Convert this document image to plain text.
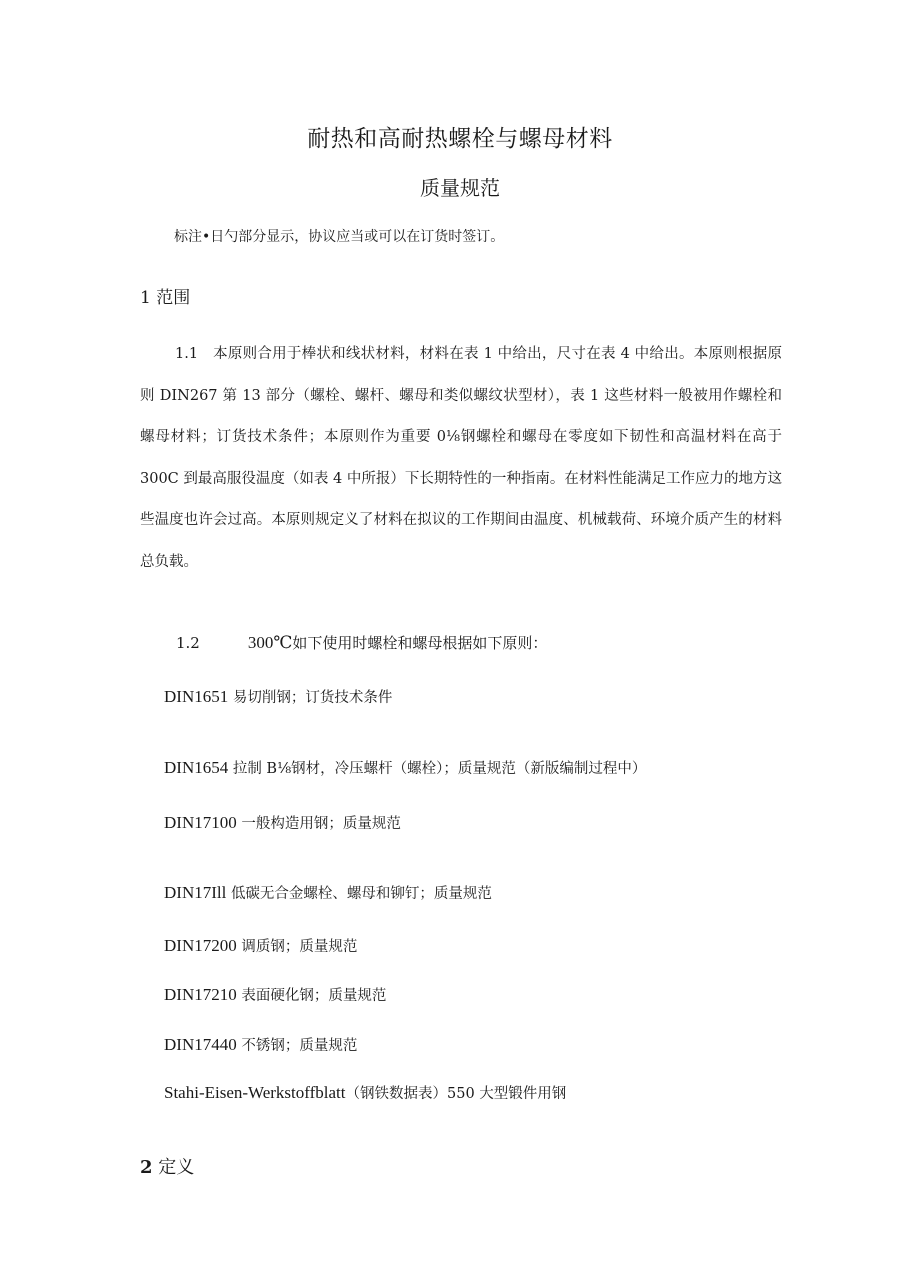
耐热和高耐热螺栓与螺母材料
质量规范
标注•日勺部分显示，协议应当或可以在订货时签订。
1 范围

1.1　 本原则合用于棒状和线状材料，材料在表 1 中给出，尺寸在表 4 中给出。本原则根据原则 DIN267 第 13 部分（螺栓、螺杆、螺母和类似螺纹状型材），表 1 这些材料一般被用作螺栓和螺母材料；订货技术条件；本原则作为重要 0⅛钢螺栓和螺母在零度如下韧性和高温材料在高于 300C 到最高服役温度（如表 4 中所报）下长期特性的一种指南。在材料性能满足工作应力的地方这些温度也许会过高。本原则规定义了材料在拟议的工作期间由温度、机械载荷、环境介质产生的材料总负载。

1.2	300℃如下使用时螺栓和螺母根据如下原则：
DIN1651 易切削钢；订货技术条件
DIN1654 拉制 B⅛钢材，冷压螺杆（螺栓）；质量规范（新版编制过程中）
DIN17100 一般构造用钢；质量规范
DIN17Ill 低碳无合金螺栓、螺母和铆钉；质量规范
DIN17200 调质钢；质量规范
DIN17210 表面硬化钢；质量规范
DIN17440 不锈钢；质量规范
Stahi-Eisen-Werkstoffblatt（钢铁数据表）550 大型锻件用钢
2 定义
